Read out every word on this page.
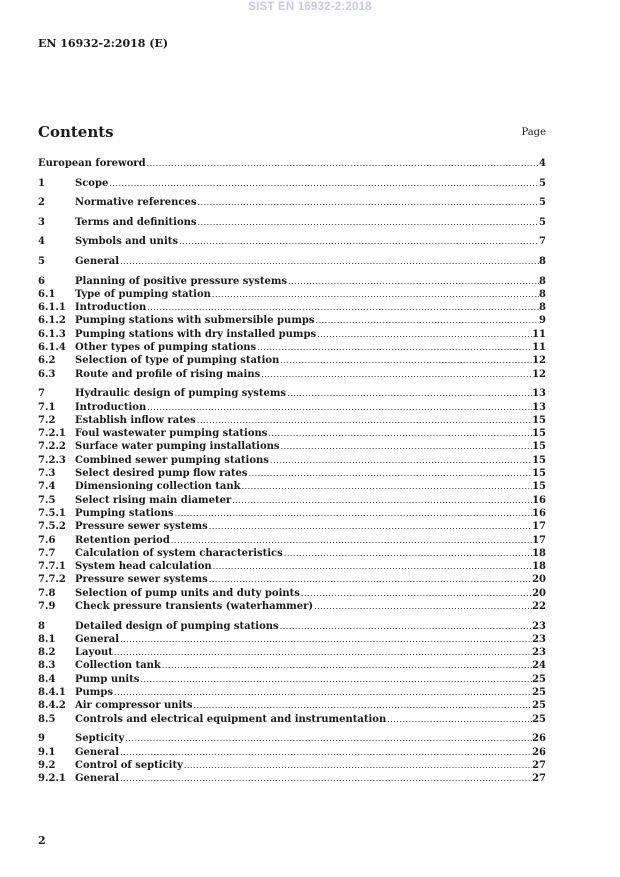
SIST EN 16932-2:2018
EN 16932-2:2018 (E)
Contents	Page
European foreword .....	4
1	Scope .....	5
2	Normative references .....	5
3	Terms and definitions .....	5
4	Symbols and units .....	7
5	General .....	8
6	Planning of positive pressure systems .....	8
6.1	Type of pumping station .....	8
6.1.1 Introduction .....	8
6.1.2 Pumping stations with submersible pumps .....	9
6.1.3 Pumping stations with dry installed pumps .....	11
6.1.4 Other types of pumping stations .....	11
6.2	Selection of type of pumping station .....	12
6.3	Route and profile of rising mains .....	12
7	Hydraulic design of pumping systems .....	13
7.1	Introduction .....	13
7.2	Establish inflow rates .....	15
7.2.1 Foul wastewater pumping stations .....	15
7.2.2 Surface water pumping installations .....	15
7.2.3 Combined sewer pumping stations .....	15
7.3	Select desired pump flow rates .....	15
7.4	Dimensioning collection tank .....	15
7.5	Select rising main diameter .....	16
7.5.1 Pumping stations .....	16
7.5.2 Pressure sewer systems .....	17
7.6	Retention period .....	17
7.7	Calculation of system characteristics .....	18
7.7.1 System head calculation .....	18
7.7.2 Pressure sewer systems .....	20
7.8	Selection of pump units and duty points .....	20
7.9	Check pressure transients (waterhammer) .....	22
8	Detailed design of pumping stations .....	23
8.1	General .....	23
8.2	Layout .....	23
8.3	Collection tank .....	24
8.4	Pump units .....	25
8.4.1 Pumps .....	25
8.4.2 Air compressor units .....	25
8.5	Controls and electrical equipment and instrumentation .....	25
9	Septicity .....	26
9.1	General .....	26
9.2	Control of septicity .....	27
9.2.1 General .....	27
2
